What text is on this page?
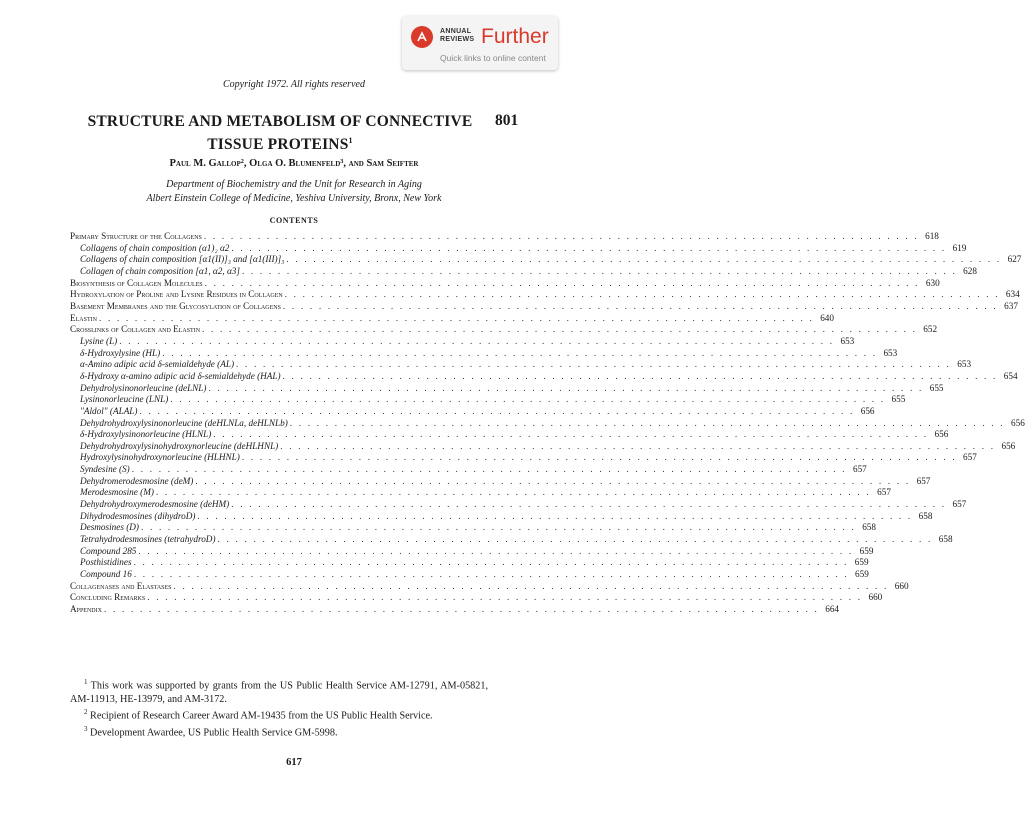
ANNUAL
REVIEWS Further
Quick links to online content
Copyright 1972. All rights reserved
STRUCTURE AND METABOLISM OF CONNECTIVE TISSUE PROTEINS$^1$
801
Paul M. Gallop², Olga O. Blumenfeld³, and Sam Seifter
Department of Biochemistry and the Unit for Research in Aging
Albert Einstein College of Medicine, Yeshiva University, Bronx, New York
CONTENTS
Primary Structure of the Collagens . . . . . . . . . . . . . . . . . . . . . . . . . . . . . . . . . . . . . . . . . . . . . . . . . . . . . . . . . . . . . . . . . . . . . . . . . . . . . . . . 618
Collagens of chain composition (α1)₂ α2 . . . . . . . . . . . . . . . . . . . . . . . . . . . . . . . . . . . . . . . . . . . . . . . . . . . . . . . . . . . . . . . . . . . . . . . . . . . . . . . . 619
Collagens of chain composition [α1(II)]₃ and [α1(III)]₃ . . . . . . . . . . . . . . . . . . . . . . . . . . . . . . . . . . . . . . . . . . . . . . . . . . . . . . . . . . . . . . . . . . . . . . . . . . . . . . . . 627
Collagen of chain composition [α1, α2, α3] . . . . . . . . . . . . . . . . . . . . . . . . . . . . . . . . . . . . . . . . . . . . . . . . . . . . . . . . . . . . . . . . . . . . . . . . . . . . . . . . 628
Biosynthesis of Collagen Molecules . . . . . . . . . . . . . . . . . . . . . . . . . . . . . . . . . . . . . . . . . . . . . . . . . . . . . . . . . . . . . . . . . . . . . . . . . . . . . . . . 630
Hydroxylation of Proline and Lysine Residues in Collagen . . . . . . . . . . . . . . . . . . . . . . . . . . . . . . . . . . . . . . . . . . . . . . . . . . . . . . . . . . . . . . . . . . . . . . . . . . . . . . . . 634
Basement Membranes and the Glycosylation of Collagens . . . . . . . . . . . . . . . . . . . . . . . . . . . . . . . . . . . . . . . . . . . . . . . . . . . . . . . . . . . . . . . . . . . . . . . . . . . . . . . . 637
Elastin . . . . . . . . . . . . . . . . . . . . . . . . . . . . . . . . . . . . . . . . . . . . . . . . . . . . . . . . . . . . . . . . . . . . . . . . . . . . . . . . 640
Crosslinks of Collagen and Elastin . . . . . . . . . . . . . . . . . . . . . . . . . . . . . . . . . . . . . . . . . . . . . . . . . . . . . . . . . . . . . . . . . . . . . . . . . . . . . . . . 652
Lysine (L) . . . . . . . . . . . . . . . . . . . . . . . . . . . . . . . . . . . . . . . . . . . . . . . . . . . . . . . . . . . . . . . . . . . . . . . . . . . . . . . . 653
δ-Hydroxylysine (HL) . . . . . . . . . . . . . . . . . . . . . . . . . . . . . . . . . . . . . . . . . . . . . . . . . . . . . . . . . . . . . . . . . . . . . . . . . . . . . . . . 653
α-Amino adipic acid δ-semialdehyde (AL) . . . . . . . . . . . . . . . . . . . . . . . . . . . . . . . . . . . . . . . . . . . . . . . . . . . . . . . . . . . . . . . . . . . . . . . . . . . . . . . . 653
δ-Hydroxy α-amino adipic acid δ-semialdehyde (HAL) . . . . . . . . . . . . . . . . . . . . . . . . . . . . . . . . . . . . . . . . . . . . . . . . . . . . . . . . . . . . . . . . . . . . . . . . . . . . . . . . 654
Dehydrolysinonorleucine (deLNL) . . . . . . . . . . . . . . . . . . . . . . . . . . . . . . . . . . . . . . . . . . . . . . . . . . . . . . . . . . . . . . . . . . . . . . . . . . . . . . . . 655
Lysinonorleucine (LNL) . . . . . . . . . . . . . . . . . . . . . . . . . . . . . . . . . . . . . . . . . . . . . . . . . . . . . . . . . . . . . . . . . . . . . . . . . . . . . . . . 655
"Aldol" (ALAL) . . . . . . . . . . . . . . . . . . . . . . . . . . . . . . . . . . . . . . . . . . . . . . . . . . . . . . . . . . . . . . . . . . . . . . . . . . . . . . . . 656
Dehydrohydroxylysinonorleucine (deHLNLa, deHLNLb) . . . . . . . . . . . . . . . . . . . . . . . . . . . . . . . . . . . . . . . . . . . . . . . . . . . . . . . . . . . . . . . . . . . . . . . . . . . . . . . . 656
δ-Hydroxylysinonorleucine (HLNL) . . . . . . . . . . . . . . . . . . . . . . . . . . . . . . . . . . . . . . . . . . . . . . . . . . . . . . . . . . . . . . . . . . . . . . . . . . . . . . . . 656
Dehydrohydroxylysinohydroxynorleucine (deHLHNL) . . . . . . . . . . . . . . . . . . . . . . . . . . . . . . . . . . . . . . . . . . . . . . . . . . . . . . . . . . . . . . . . . . . . . . . . . . . . . . . . 656
Hydroxylysinohydroxynorleucine (HLHNL) . . . . . . . . . . . . . . . . . . . . . . . . . . . . . . . . . . . . . . . . . . . . . . . . . . . . . . . . . . . . . . . . . . . . . . . . . . . . . . . . 657
Syndesine (S) . . . . . . . . . . . . . . . . . . . . . . . . . . . . . . . . . . . . . . . . . . . . . . . . . . . . . . . . . . . . . . . . . . . . . . . . . . . . . . . . 657
Dehydromerodesmosine (deM) . . . . . . . . . . . . . . . . . . . . . . . . . . . . . . . . . . . . . . . . . . . . . . . . . . . . . . . . . . . . . . . . . . . . . . . . . . . . . . . . 657
Merodesmosine (M) . . . . . . . . . . . . . . . . . . . . . . . . . . . . . . . . . . . . . . . . . . . . . . . . . . . . . . . . . . . . . . . . . . . . . . . . . . . . . . . . 657
Dehydrohydroxymerodesmosine (deHM) . . . . . . . . . . . . . . . . . . . . . . . . . . . . . . . . . . . . . . . . . . . . . . . . . . . . . . . . . . . . . . . . . . . . . . . . . . . . . . . . 657
Dihydrodesmosines (dihydroD) . . . . . . . . . . . . . . . . . . . . . . . . . . . . . . . . . . . . . . . . . . . . . . . . . . . . . . . . . . . . . . . . . . . . . . . . . . . . . . . . 658
Desmosines (D) . . . . . . . . . . . . . . . . . . . . . . . . . . . . . . . . . . . . . . . . . . . . . . . . . . . . . . . . . . . . . . . . . . . . . . . . . . . . . . . . 658
Tetrahydrodesmosines (tetrahydroD) . . . . . . . . . . . . . . . . . . . . . . . . . . . . . . . . . . . . . . . . . . . . . . . . . . . . . . . . . . . . . . . . . . . . . . . . . . . . . . . . 658
Compound 285 . . . . . . . . . . . . . . . . . . . . . . . . . . . . . . . . . . . . . . . . . . . . . . . . . . . . . . . . . . . . . . . . . . . . . . . . . . . . . . . . 659
Posthistidines . . . . . . . . . . . . . . . . . . . . . . . . . . . . . . . . . . . . . . . . . . . . . . . . . . . . . . . . . . . . . . . . . . . . . . . . . . . . . . . . 659
Compound 16 . . . . . . . . . . . . . . . . . . . . . . . . . . . . . . . . . . . . . . . . . . . . . . . . . . . . . . . . . . . . . . . . . . . . . . . . . . . . . . . . 659
Collagenases and Elastases . . . . . . . . . . . . . . . . . . . . . . . . . . . . . . . . . . . . . . . . . . . . . . . . . . . . . . . . . . . . . . . . . . . . . . . . . . . . . . . . 660
Concluding Remarks . . . . . . . . . . . . . . . . . . . . . . . . . . . . . . . . . . . . . . . . . . . . . . . . . . . . . . . . . . . . . . . . . . . . . . . . . . . . . . . . 660
Appendix . . . . . . . . . . . . . . . . . . . . . . . . . . . . . . . . . . . . . . . . . . . . . . . . . . . . . . . . . . . . . . . . . . . . . . . . . . . . . . . . 664

$^1$ This work was supported by grants from the US Public Health Service AM-12791, AM-05821, AM-11913, HE-13979, and AM-3172.

$^2$ Recipient of Research Career Award AM-19435 from the US Public Health Service.

$^3$ Development Awardee, US Public Health Service GM-5998.

617
